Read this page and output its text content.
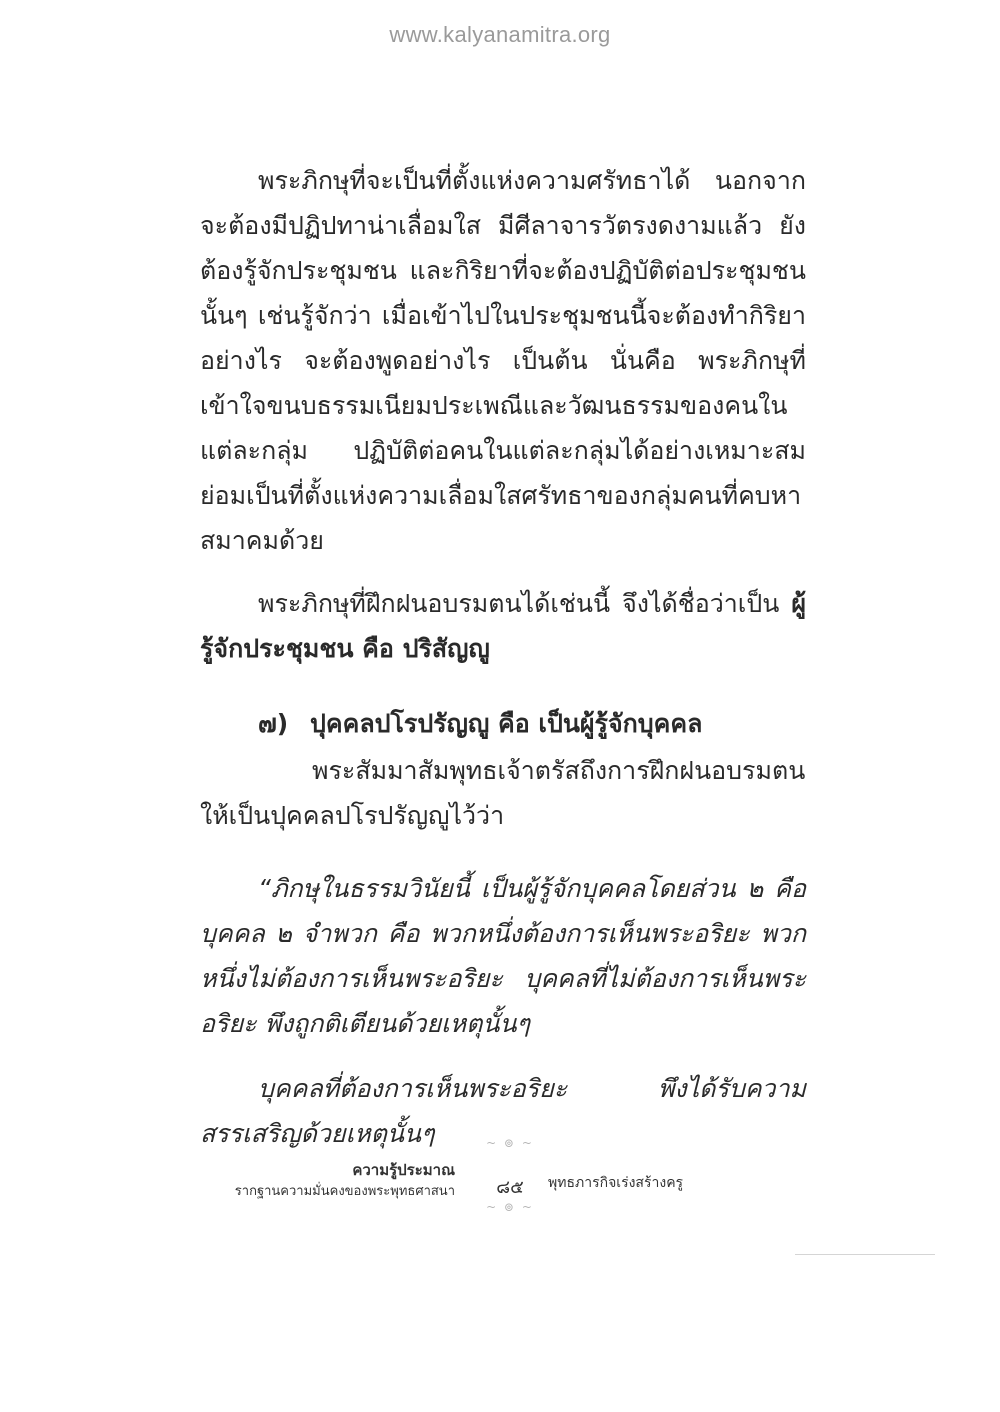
www.kalyanamitra.org

พระภิกษุที่จะเป็นที่ตั้งแห่งความศรัทธาได้ นอกจากจะต้องมีปฏิปทาน่าเลื่อมใส มีศีลาจารวัตรงดงามแล้ว ยังต้องรู้จักประชุมชน และกิริยาที่จะต้องปฏิบัติต่อประชุมชนนั้นๆ เช่นรู้จักว่า เมื่อเข้าไปในประชุมชนนี้จะต้องทำกิริยาอย่างไร จะต้องพูดอย่างไร เป็นต้น นั่นคือ พระภิกษุที่เข้าใจขนบธรรมเนียมประเพณีและวัฒนธรรมของคนในแต่ละกลุ่ม ปฏิบัติต่อคนในแต่ละกลุ่มได้อย่างเหมาะสม ย่อมเป็นที่ตั้งแห่งความเลื่อมใสศรัทธาของกลุ่มคนที่คบหาสมาคมด้วย

พระภิกษุที่ฝึกฝนอบรมตนได้เช่นนี้ จึงได้ชื่อว่าเป็น ผู้รู้จักประชุมชน คือ ปริสัญญู

๗) ปุคคลปโรปรัญญู คือ เป็นผู้รู้จักบุคคล

พระสัมมาสัมพุทธเจ้าตรัสถึงการฝึกฝนอบรมตนให้เป็นปุคคลปโรปรัญญูไว้ว่า

“ภิกษุในธรรมวินัยนี้ เป็นผู้รู้จักบุคคลโดยส่วน ๒ คือ บุคคล ๒ จำพวก คือ พวกหนึ่งต้องการเห็นพระอริยะ พวกหนึ่งไม่ต้องการเห็นพระอริยะ บุคคลที่ไม่ต้องการเห็นพระอริยะ พึงถูกติเตียนด้วยเหตุนั้นๆ

บุคคลที่ต้องการเห็นพระอริยะ พึงได้รับความสรรเสริญด้วยเหตุนั้นๆ	~ ⊚ ~
ความรู้ประมาณ
รากฐานความมั่นคงของพระพุทธศาสนา	๘๕	พุทธภารกิจเร่งสร้างครู
~ ⊚ ~
